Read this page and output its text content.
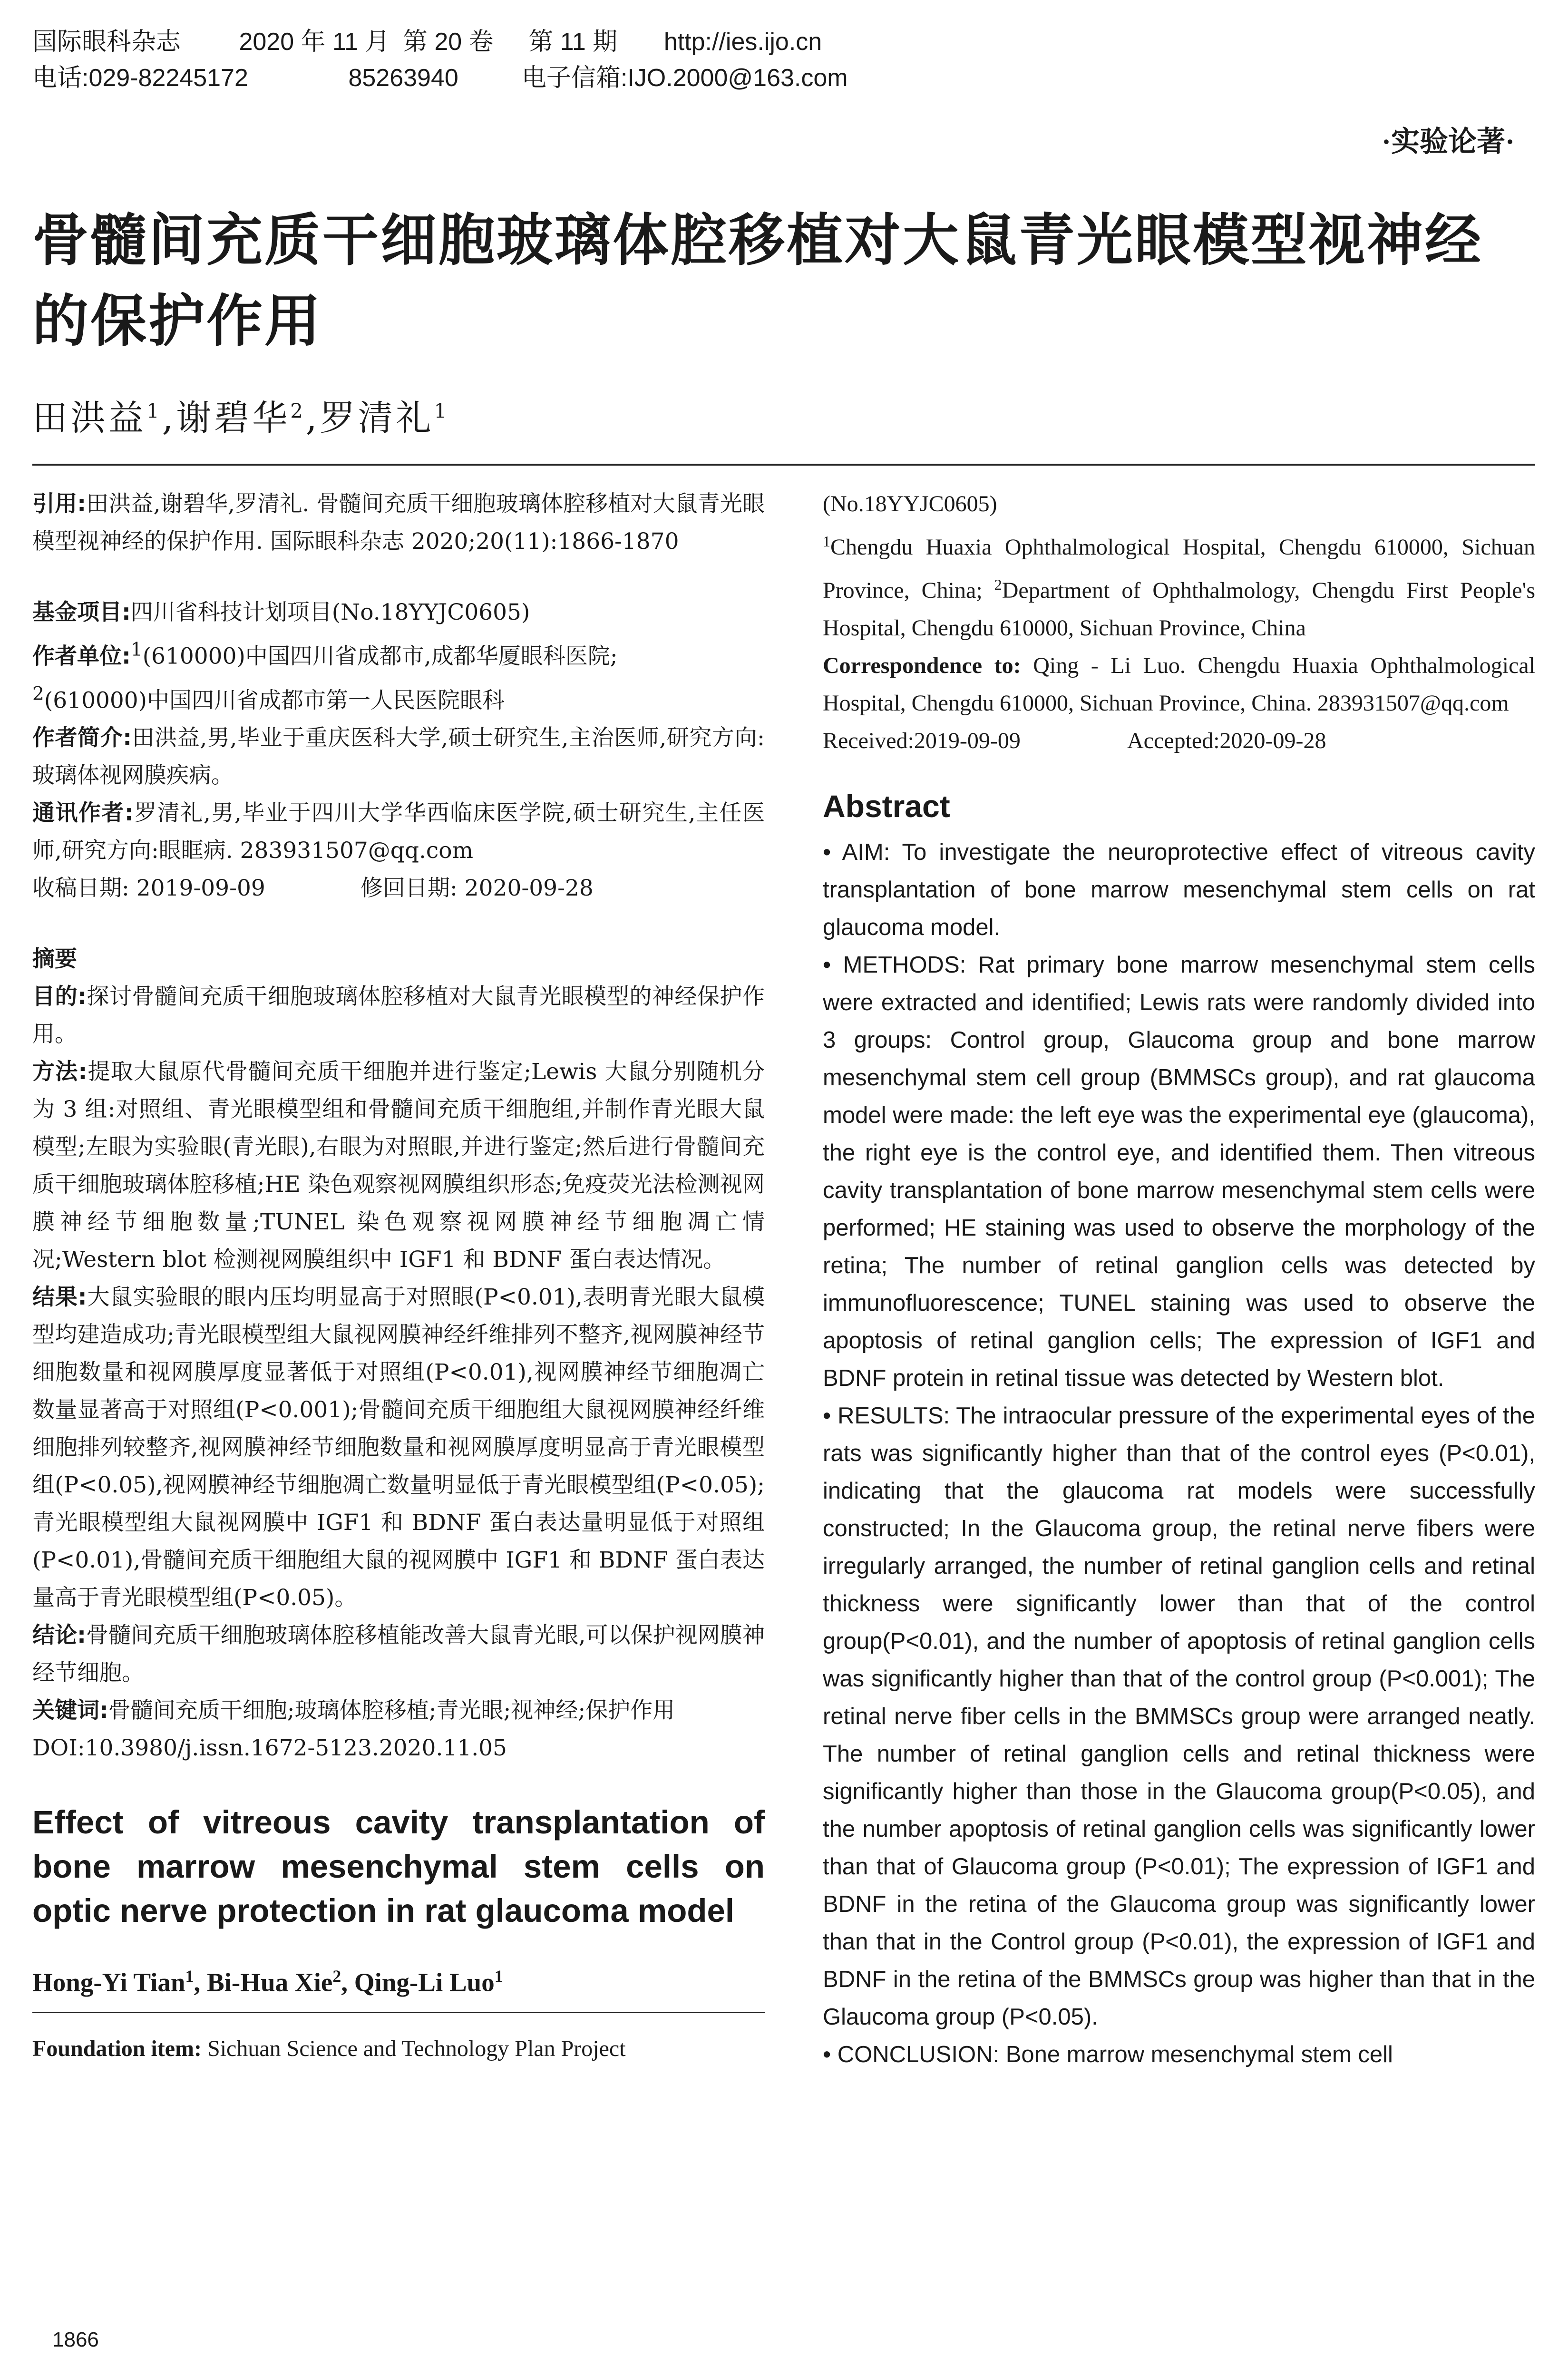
国际眼科杂志 2020 年 11 月 第 20 卷 第 11 期 http://ies.ijo.cn
电话:029-82245172	85263940	电子信箱:IJO.2000@163.com
·实验论著·
骨髓间充质干细胞玻璃体腔移植对大鼠青光眼模型视神经的保护作用
田洪益$^1$,谢碧华$^2$,罗清礼$^1$

引用:田洪益,谢碧华,罗清礼. 骨髓间充质干细胞玻璃体腔移植对大鼠青光眼模型视神经的保护作用. 国际眼科杂志 2020;20(11):1866-1870

基金项目:四川省科技计划项目(No.18YYJC0605)

作者单位:$^1$(610000)中国四川省成都市,成都华厦眼科医院;
$^2$(610000)中国四川省成都市第一人民医院眼科

作者简介:田洪益,男,毕业于重庆医科大学,硕士研究生,主治医师,研究方向:玻璃体视网膜疾病。

通讯作者:罗清礼,男,毕业于四川大学华西临床医学院,硕士研究生,主任医师,研究方向:眼眶病. 283931507@qq.com

收稿日期: 2019-09-09	修回日期: 2020-09-28

摘要

目的:探讨骨髓间充质干细胞玻璃体腔移植对大鼠青光眼模型的神经保护作用。

方法:提取大鼠原代骨髓间充质干细胞并进行鉴定;Lewis 大鼠分别随机分为 3 组:对照组、青光眼模型组和骨髓间充质干细胞组,并制作青光眼大鼠模型;左眼为实验眼(青光眼),右眼为对照眼,并进行鉴定;然后进行骨髓间充质干细胞玻璃体腔移植;HE 染色观察视网膜组织形态;免疫荧光法检测视网膜神经节细胞数量;TUNEL 染色观察视网膜神经节细胞凋亡情况;Western blot 检测视网膜组织中 IGF1 和 BDNF 蛋白表达情况。

结果:大鼠实验眼的眼内压均明显高于对照眼(P<0.01),表明青光眼大鼠模型均建造成功;青光眼模型组大鼠视网膜神经纤维排列不整齐,视网膜神经节细胞数量和视网膜厚度显著低于对照组(P<0.01),视网膜神经节细胞凋亡数量显著高于对照组(P<0.001);骨髓间充质干细胞组大鼠视网膜神经纤维细胞排列较整齐,视网膜神经节细胞数量和视网膜厚度明显高于青光眼模型组(P<0.05),视网膜神经节细胞凋亡数量明显低于青光眼模型组(P<0.05);青光眼模型组大鼠视网膜中 IGF1 和 BDNF 蛋白表达量明显低于对照组(P<0.01),骨髓间充质干细胞组大鼠的视网膜中 IGF1 和 BDNF 蛋白表达量高于青光眼模型组(P<0.05)。

结论:骨髓间充质干细胞玻璃体腔移植能改善大鼠青光眼,可以保护视网膜神经节细胞。

关键词:骨髓间充质干细胞;玻璃体腔移植;青光眼;视神经;保护作用

DOI:10.3980/j.issn.1672-5123.2020.11.05

Effect of vitreous cavity transplantation of bone marrow mesenchymal stem cells on optic nerve protection in rat glaucoma model

Hong-Yi Tian$^1$, Bi-Hua Xie$^2$, Qing-Li Luo$^1$

Foundation item: Sichuan Science and Technology Plan Project

(No.18YYJC0605)

$^1$Chengdu Huaxia Ophthalmological Hospital, Chengdu 610000, Sichuan Province, China; $^2$Department of Ophthalmology, Chengdu First People's Hospital, Chengdu 610000, Sichuan Province, China

Correspondence to: Qing - Li Luo. Chengdu Huaxia Ophthalmological Hospital, Chengdu 610000, Sichuan Province, China. 283931507@qq.com

Received:2019-09-09	Accepted:2020-09-28

Abstract

• AIM: To investigate the neuroprotective effect of vitreous cavity transplantation of bone marrow mesenchymal stem cells on rat glaucoma model.

• METHODS: Rat primary bone marrow mesenchymal stem cells were extracted and identified; Lewis rats were randomly divided into 3 groups: Control group, Glaucoma group and bone marrow mesenchymal stem cell group (BMMSCs group), and rat glaucoma model were made: the left eye was the experimental eye (glaucoma), the right eye is the control eye, and identified them. Then vitreous cavity transplantation of bone marrow mesenchymal stem cells were performed; HE staining was used to observe the morphology of the retina; The number of retinal ganglion cells was detected by immunofluorescence; TUNEL staining was used to observe the apoptosis of retinal ganglion cells; The expression of IGF1 and BDNF protein in retinal tissue was detected by Western blot.

• RESULTS: The intraocular pressure of the experimental eyes of the rats was significantly higher than that of the control eyes (P<0.01), indicating that the glaucoma rat models were successfully constructed; In the Glaucoma group, the retinal nerve fibers were irregularly arranged, the number of retinal ganglion cells and retinal thickness were significantly lower than that of the control group(P<0.01), and the number of apoptosis of retinal ganglion cells was significantly higher than that of the control group (P<0.001); The retinal nerve fiber cells in the BMMSCs group were arranged neatly. The number of retinal ganglion cells and retinal thickness were significantly higher than those in the Glaucoma group(P<0.05), and the number apoptosis of retinal ganglion cells was significantly lower than that of Glaucoma group (P<0.01); The expression of IGF1 and BDNF in the retina of the Glaucoma group was significantly lower than that in the Control group (P<0.01), the expression of IGF1 and BDNF in the retina of the BMMSCs group was higher than that in the Glaucoma group (P<0.05).

• CONCLUSION: Bone marrow mesenchymal stem cell

1866
